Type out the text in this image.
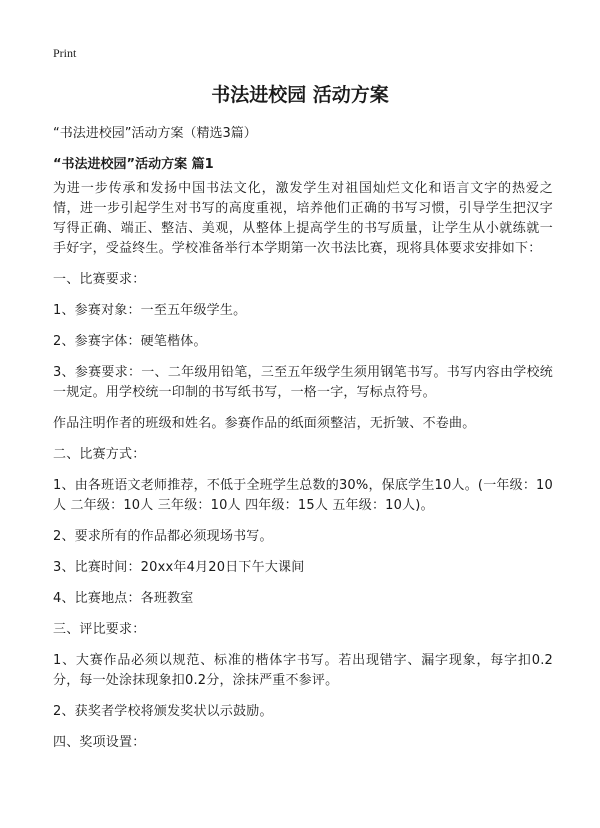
Print
书法进校园 活动方案

“书法进校园”活动方案（精选3篇）

“书法进校园”活动方案 篇1

为进一步传承和发扬中国书法文化，激发学生对祖国灿烂文化和语言文字的热爱之情，进一步引起学生对书写的高度重视，培养他们正确的书写习惯，引导学生把汉字写得正确、端正、整洁、美观，从整体上提高学生的书写质量，让学生从小就练就一手好字，受益终生。学校准备举行本学期第一次书法比赛，现将具体要求安排如下：

一、比赛要求：

1、参赛对象：一至五年级学生。

2、参赛字体：硬笔楷体。

3、参赛要求：一、二年级用铅笔，三至五年级学生须用钢笔书写。书写内容由学校统一规定。用学校统一印制的书写纸书写，一格一字，写标点符号。

作品注明作者的班级和姓名。参赛作品的纸面须整洁，无折皱、不卷曲。

二、比赛方式：

1、由各班语文老师推荐，不低于全班学生总数的30%，保底学生10人。(一年级：10人 二年级：10人 三年级：10人 四年级：15人 五年级：10人)。

2、要求所有的作品都必须现场书写。

3、比赛时间：20xx年4月20日下午大课间

4、比赛地点：各班教室

三、评比要求：

1、大赛作品必须以规范、标准的楷体字书写。若出现错字、漏字现象，每字扣0.2分，每一处涂抹现象扣0.2分，涂抹严重不参评。

2、获奖者学校将颁发奖状以示鼓励。

四、奖项设置：
